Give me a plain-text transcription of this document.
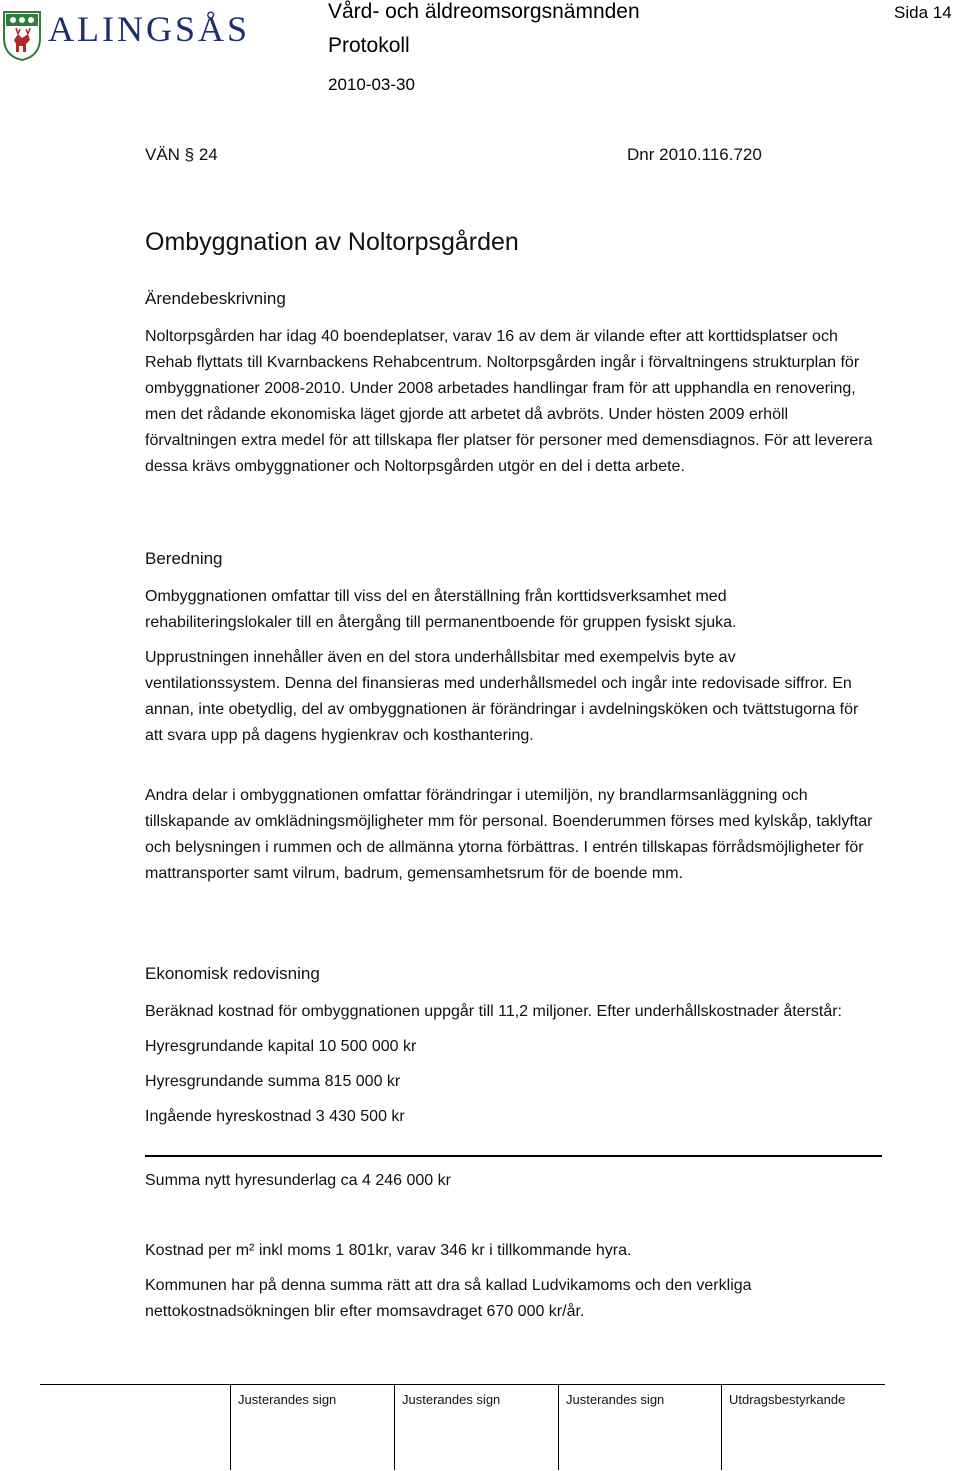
ALINGSÅS	Vård- och äldreomsorgsnämnden
Protokoll
2010-03-30
Sida 14
VÄN § 24	Dnr 2010.116.720
Ombyggnation av Noltorpsgården

Ärendebeskrivning

Noltorpsgården har idag 40 boendeplatser, varav 16 av dem är vilande efter att korttidsplatser och Rehab flyttats till Kvarnbackens Rehabcentrum. Noltorpsgården ingår i förvaltningens strukturplan för ombyggnationer 2008-2010. Under 2008 arbetades handlingar fram för att upphandla en renovering, men det rådande ekonomiska läget gjorde att arbetet då avbröts. Under hösten 2009 erhöll förvaltningen extra medel för att tillskapa fler platser för personer med demensdiagnos. För att leverera dessa krävs ombyggnationer och Noltorpsgården utgör en del i detta arbete.

Beredning

Ombyggnationen omfattar till viss del en återställning från korttidsverksamhet med rehabiliteringslokaler till en återgång till permanentboende för gruppen fysiskt sjuka.

Upprustningen innehåller även en del stora underhållsbitar med exempelvis byte av ventilationssystem. Denna del finansieras med underhållsmedel och ingår inte redovisade siffror. En annan, inte obetydlig, del av ombyggnationen är förändringar i avdelningsköken och tvättstugorna för att svara upp på dagens hygienkrav och kosthantering.

Andra delar i ombyggnationen omfattar förändringar i utemiljön, ny brandlarmsanläggning och tillskapande av omklädningsmöjligheter mm för personal. Boenderummen förses med kylskåp, taklyftar och belysningen i rummen och de allmänna ytorna förbättras. I entrén tillskapas förrådsmöjligheter för mattransporter samt vilrum, badrum, gemensamhetsrum för de boende mm.

Ekonomisk redovisning

Beräknad kostnad för ombyggnationen uppgår till 11,2 miljoner. Efter underhållskostnader återstår:

Hyresgrundande kapital 10 500 000 kr

Hyresgrundande summa 815 000 kr

Ingående hyreskostnad 3 430 500 kr

Summa nytt hyresunderlag ca 4 246 000 kr

Kostnad per m² inkl moms 1 801kr, varav 346 kr i tillkommande hyra.

Kommunen har på denna summa rätt att dra så kallad Ludvikamoms och den verkliga nettokostnadsökningen blir efter momsavdraget 670 000 kr/år.

Justerandes sign	Justerandes sign	Justerandes sign	Utdragsbestyrkande
